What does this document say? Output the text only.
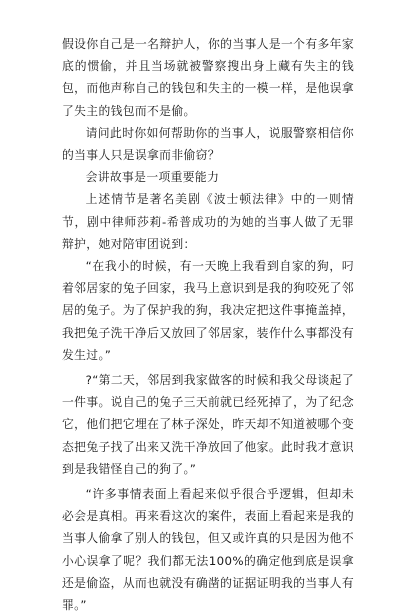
假设你自己是一名辩护人，你的当事人是一个有多年家底的惯偷，并且当场就被警察搜出身上藏有失主的钱包，而他声称自己的钱包和失主的一模一样，是他误拿了失主的钱包而不是偷。

请问此时你如何帮助你的当事人，说服警察相信你的当事人只是误拿而非偷窃？

会讲故事是一项重要能力

上述情节是著名美剧《波士顿法律》中的一则情节，剧中律师莎莉-希普成功的为她的当事人做了无罪辩护，她对陪审团说到：

“在我小的时候，有一天晚上我看到自家的狗，叼着邻居家的兔子回家，我马上意识到是我的狗咬死了邻居的兔子。为了保护我的狗，我决定把这件事掩盖掉，我把兔子洗干净后又放回了邻居家，装作什么事都没有发生过。”

?“第二天，邻居到我家做客的时候和我父母谈起了一件事。说自己的兔子三天前就已经死掉了，为了纪念它，他们把它埋在了林子深处，昨天却不知道被哪个变态把兔子找了出来又洗干净放回了他家。此时我才意识到是我错怪自己的狗了。”

“许多事情表面上看起来似乎很合乎逻辑，但却未必会是真相。再来看这次的案件，表面上看起来是我的当事人偷拿了别人的钱包，但又或许真的只是因为他不小心误拿了呢？我们都无法100%的确定他到底是误拿还是偷盗，从而也就没有确凿的证据证明我的当事人有罪。”
